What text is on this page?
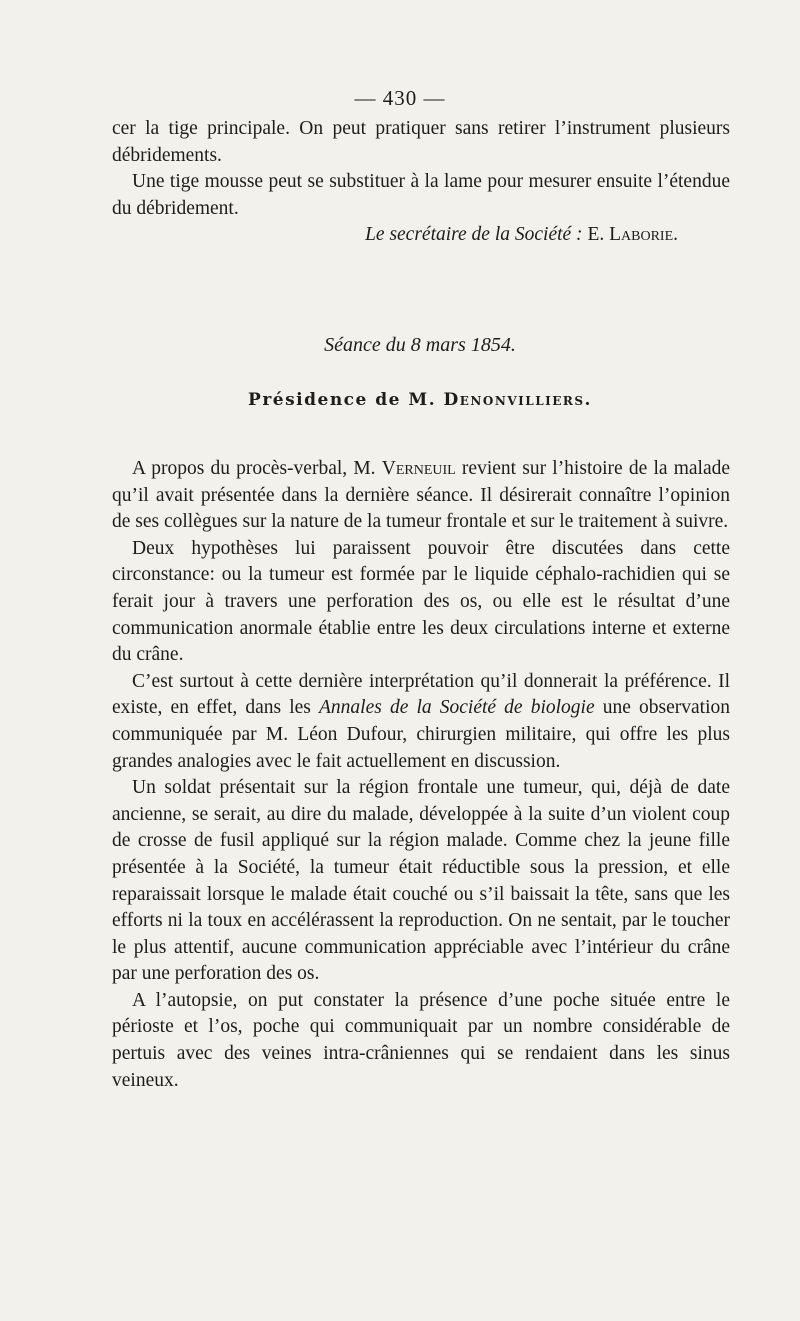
— 430 —

cer la tige principale. On peut pratiquer sans retirer l’instrument plusieurs débridements.

Une tige mousse peut se substituer à la lame pour mesurer ensuite l’étendue du débridement.

Le secrétaire de la Société : E. Laborie.
Séance du 8 mars 1854.
Présidence de M. Denonvilliers.

A propos du procès-verbal, M. Verneuil revient sur l’histoire de la malade qu’il avait présentée dans la dernière séance. Il désirerait connaître l’opinion de ses collègues sur la nature de la tumeur frontale et sur le traitement à suivre.

Deux hypothèses lui paraissent pouvoir être discutées dans cette circonstance: ou la tumeur est formée par le liquide céphalo-rachidien qui se ferait jour à travers une perforation des os, ou elle est le résultat d’une communication anormale établie entre les deux circulations interne et externe du crâne.

C’est surtout à cette dernière interprétation qu’il donnerait la préférence. Il existe, en effet, dans les Annales de la Société de biologie une observation communiquée par M. Léon Dufour, chirurgien militaire, qui offre les plus grandes analogies avec le fait actuellement en discussion.

Un soldat présentait sur la région frontale une tumeur, qui, déjà de date ancienne, se serait, au dire du malade, développée à la suite d’un violent coup de crosse de fusil appliqué sur la région malade. Comme chez la jeune fille présentée à la Société, la tumeur était réductible sous la pression, et elle reparaissait lorsque le malade était couché ou s’il baissait la tête, sans que les efforts ni la toux en accélérassent la reproduction. On ne sentait, par le toucher le plus attentif, aucune communication appréciable avec l’intérieur du crâne par une perforation des os.

A l’autopsie, on put constater la présence d’une poche située entre le périoste et l’os, poche qui communiquait par un nombre considérable de pertuis avec des veines intra-crâniennes qui se rendaient dans les sinus veineux.
